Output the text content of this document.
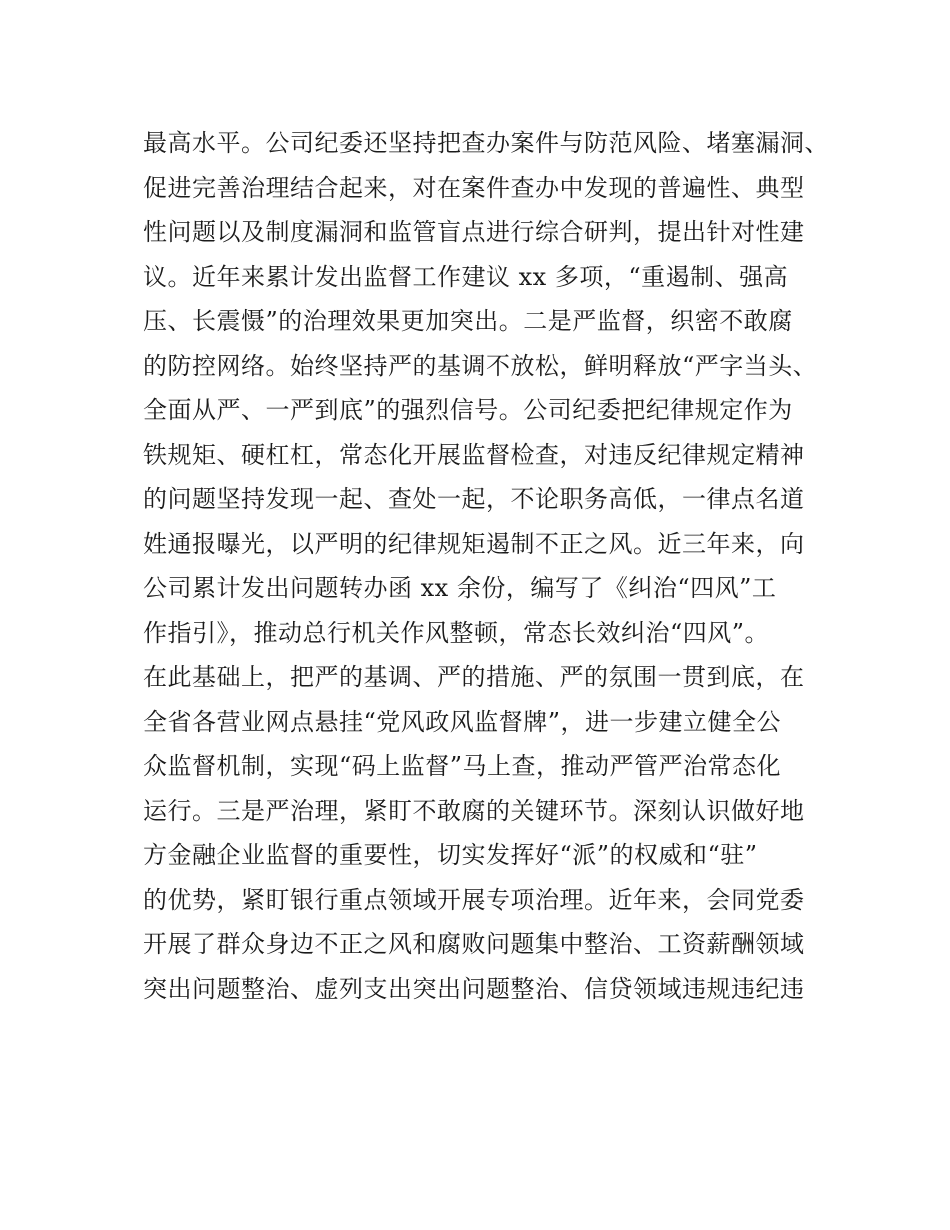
最高水平。公司纪委还坚持把查办案件与防范风险、堵塞漏洞、
促进完善治理结合起来，对在案件查办中发现的普遍性、典型
性问题以及制度漏洞和监管盲点进行综合研判，提出针对性建
议。近年来累计发出监督工作建议 xx 多项，“重遏制、强高
压、长震慑”的治理效果更加突出。二是严监督，织密不敢腐
的防控网络。始终坚持严的基调不放松，鲜明释放“严字当头、
全面从严、一严到底”的强烈信号。公司纪委把纪律规定作为
铁规矩、硬杠杠，常态化开展监督检查，对违反纪律规定精神
的问题坚持发现一起、查处一起，不论职务高低，一律点名道
姓通报曝光，以严明的纪律规矩遏制不正之风。近三年来，向
公司累计发出问题转办函 xx 余份，编写了《纠治“四风”工
作指引》，推动总行机关作风整顿，常态长效纠治“四风”。
在此基础上，把严的基调、严的措施、严的氛围一贯到底，在
全省各营业网点悬挂“党风政风监督牌”，进一步建立健全公
众监督机制，实现“码上监督”马上查，推动严管严治常态化
运行。三是严治理，紧盯不敢腐的关键环节。深刻认识做好地
方金融企业监督的重要性，切实发挥好“派”的权威和“驻”
的优势，紧盯银行重点领域开展专项治理。近年来，会同党委
开展了群众身边不正之风和腐败问题集中整治、工资薪酬领域
突出问题整治、虚列支出突出问题整治、信贷领域违规违纪违
